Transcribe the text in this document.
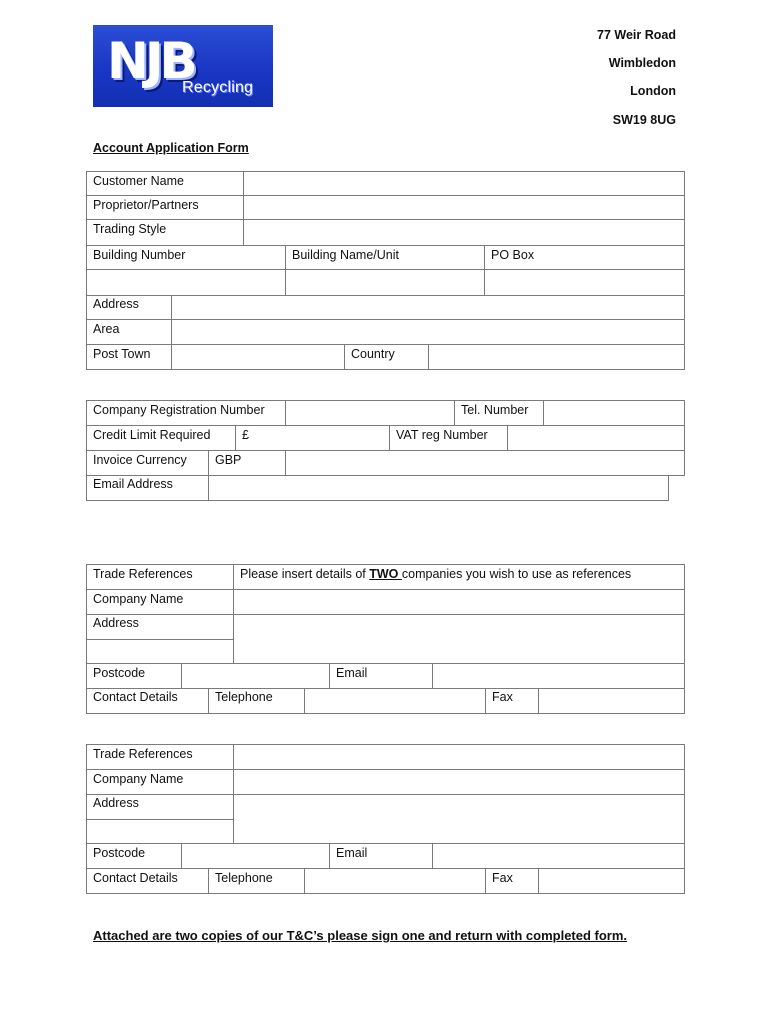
NJB
Recycling
77 Weir Road
Wimbledon
London
SW19 8UG
Account Application Form
Customer Name
Proprietor/Partners
Trading Style
Building Number	Building Name/Unit	PO Box
Address
Area
Post Town	Country
Company Registration Number	Tel. Number
Credit Limit Required	£	VAT reg Number
Invoice Currency GBP
Email Address
Trade References	Please insert details of TWO companies you wish to use as references
Company Name
Address
Postcode	Email
Contact Details	Telephone	Fax
Trade References
Company Name
Address
Postcode	Email
Contact Details	Telephone	Fax
Attached are two copies of our T&C’s please sign one and return with completed form.
